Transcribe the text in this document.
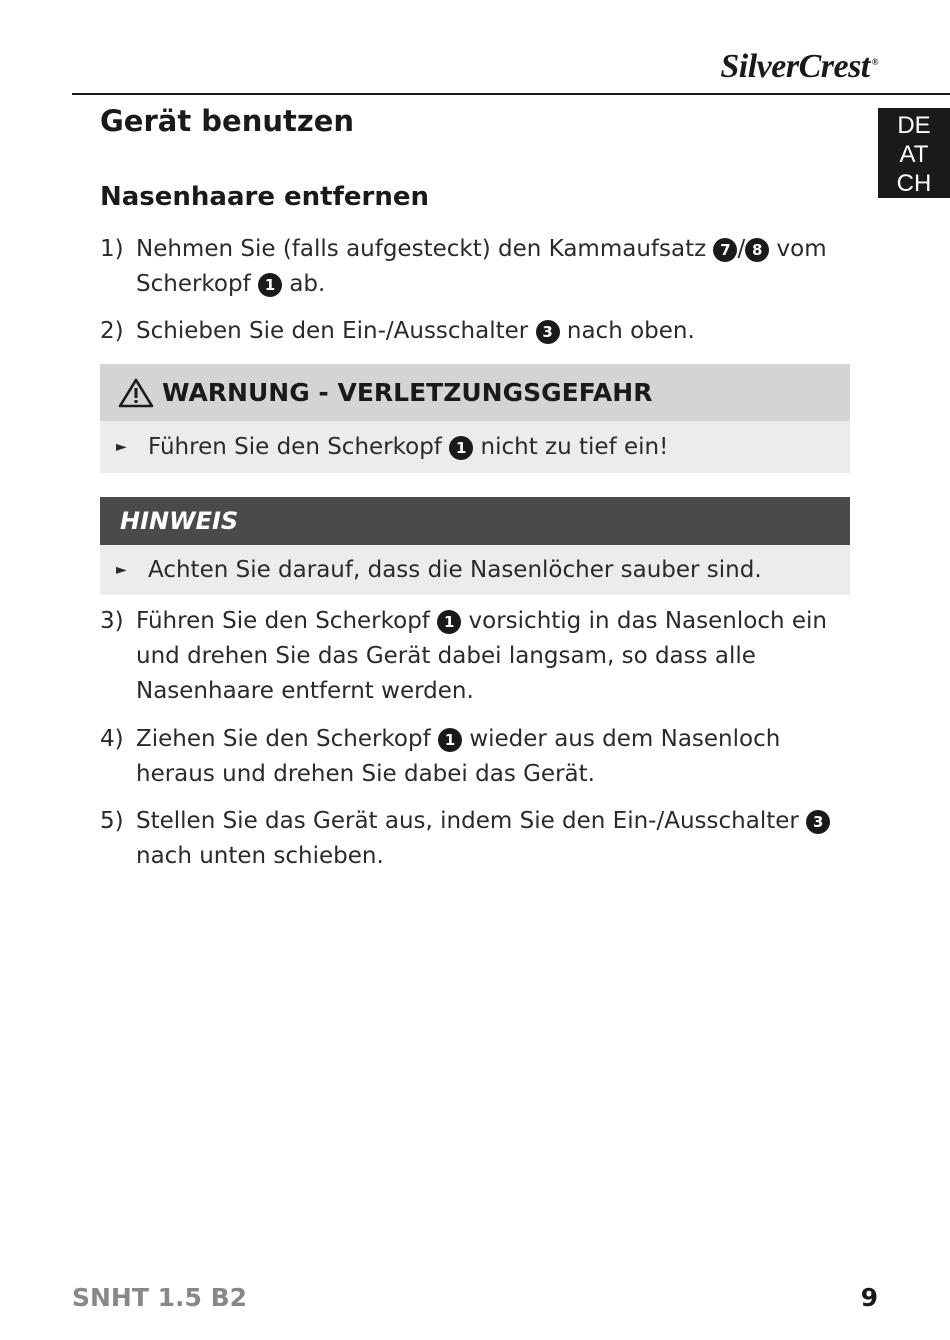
SilverCrest ®
DE
AT
CH
Gerät benutzen
Nasenhaare entfernen
1) Nehmen Sie (falls aufgesteckt) den Kammaufsatz 7 / 8 vom Scherkopf 1 ab.
2) Schieben Sie den Ein-/Ausschalter 3 nach oben.
WARNUNG - VERLETZUNGSGEFAHR
► Führen Sie den Scherkopf 1 nicht zu tief ein!
HINWEIS
► Achten Sie darauf, dass die Nasenlöcher sauber sind.
3) Führen Sie den Scherkopf 1 vorsichtig in das Nasenloch ein und drehen Sie das Gerät dabei langsam, so dass alle Nasenhaare entfernt werden.
4) Ziehen Sie den Scherkopf 1 wieder aus dem Nasenloch heraus und drehen Sie dabei das Gerät.
5) Stellen Sie das Gerät aus, indem Sie den Ein-/Ausschalter 3 nach unten schieben.
SNHT 1.5 B2	9
